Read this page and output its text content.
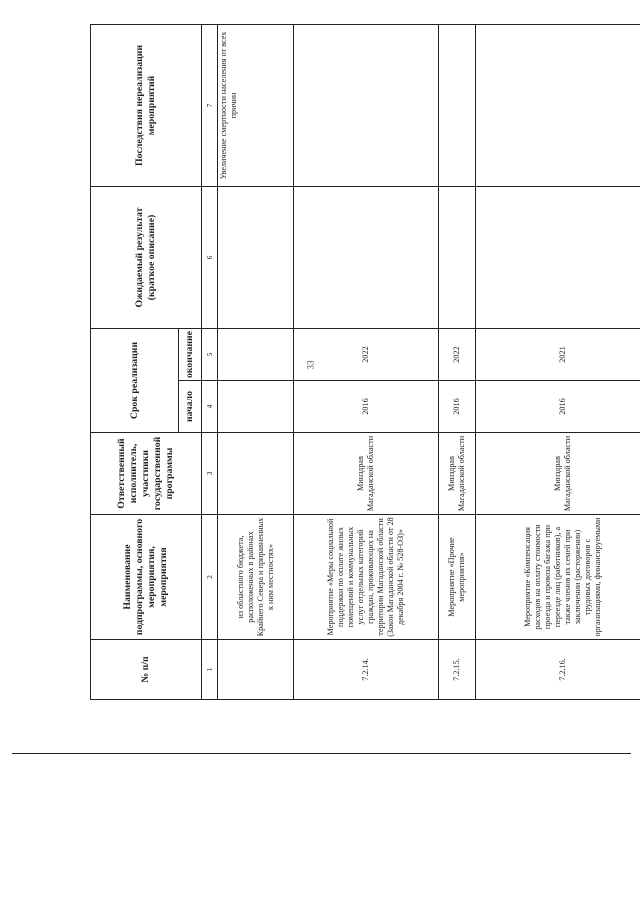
33
№ п/п	Наименование подпрограммы, основного мероприятия, мероприятия	Ответственный исполнитель, участники государственной программы	Срок реализации		Ожидаемый результат (краткое описание)	Последствия нереализации мероприятий
			начало	окончание		
1	2	3	4	5	6	7
	из областного бюджета, расположенных в районах Крайнего Севера и приравненных к ним местностях»					Увеличение смертности населения от всех причин
7.2.14.	Мероприятие «Меры социальной поддержки по оплате жилых помещений и коммунальных услуг отдельных категорий граждан, проживающих на территории Магаданской области (Закон Магаданской области от 28 декабря 2004 г. № 528-ОЗ)»	Минздрав Магаданской области	2016	2022		
7.2.15.	Мероприятие «Прочие мероприятия»	Минздрав Магаданской области	2016	2022		
7.2.16.	Мероприятие «Компенсация расходов на оплату стоимости проезда и провоза багажа при переезде лиц (работников), а также членов их семей при заключении (расторжении) трудовых договоров с организациями, финансируемыми	Минздрав Магаданской области	2016	2021		
